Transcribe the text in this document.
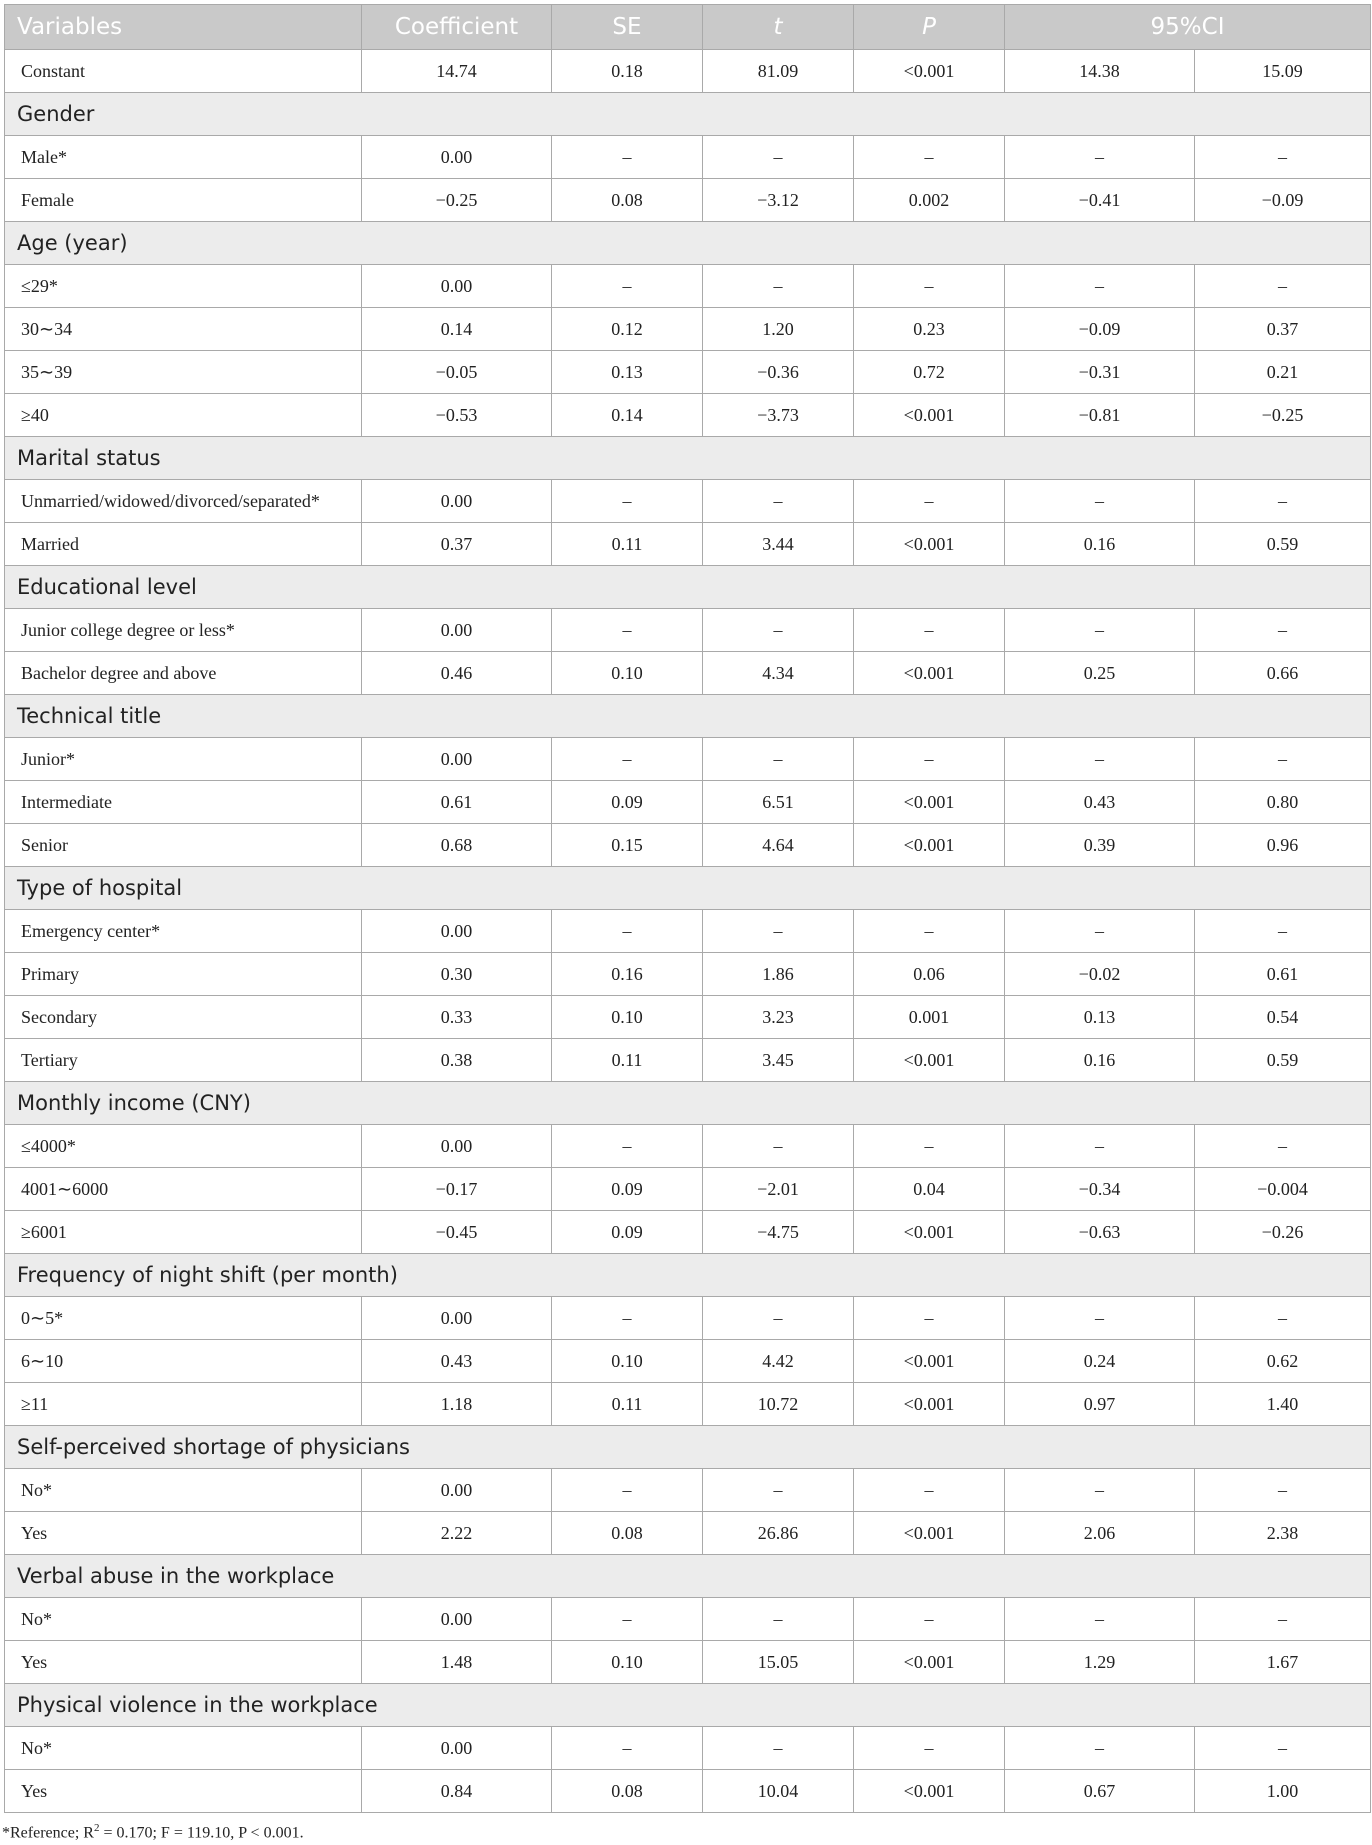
Variables	Coefficient	SE	t	P	95%CI	
Constant	14.74	0.18	81.09	<0.001	14.38	15.09
Gender						
Male*	0.00	–	–	–	–	–
Female	−0.25	0.08	−3.12	0.002	−0.41	−0.09
Age (year)						
≤29*	0.00	–	–	–	–	–
30∼34	0.14	0.12	1.20	0.23	−0.09	0.37
35∼39	−0.05	0.13	−0.36	0.72	−0.31	0.21
≥40	−0.53	0.14	−3.73	<0.001	−0.81	−0.25
Marital status						
Unmarried/widowed/divorced/separated*	0.00	–	–	–	–	–
Married	0.37	0.11	3.44	<0.001	0.16	0.59
Educational level						
Junior college degree or less*	0.00	–	–	–	–	–
Bachelor degree and above	0.46	0.10	4.34	<0.001	0.25	0.66
Technical title						
Junior*	0.00	–	–	–	–	–
Intermediate	0.61	0.09	6.51	<0.001	0.43	0.80
Senior	0.68	0.15	4.64	<0.001	0.39	0.96
Type of hospital						
Emergency center*	0.00	–	–	–	–	–
Primary	0.30	0.16	1.86	0.06	−0.02	0.61
Secondary	0.33	0.10	3.23	0.001	0.13	0.54
Tertiary	0.38	0.11	3.45	<0.001	0.16	0.59
Monthly income (CNY)						
≤4000*	0.00	–	–	–	–	–
4001∼6000	−0.17	0.09	−2.01	0.04	−0.34	−0.004
≥6001	−0.45	0.09	−4.75	<0.001	−0.63	−0.26
Frequency of night shift (per month)						
0∼5*	0.00	–	–	–	–	–
6∼10	0.43	0.10	4.42	<0.001	0.24	0.62
≥11	1.18	0.11	10.72	<0.001	0.97	1.40
Self-perceived shortage of physicians						
No*	0.00	–	–	–	–	–
Yes	2.22	0.08	26.86	<0.001	2.06	2.38
Verbal abuse in the workplace						
No*	0.00	–	–	–	–	–
Yes	1.48	0.10	15.05	<0.001	1.29	1.67
Physical violence in the workplace						
No*	0.00	–	–	–	–	–
Yes	0.84	0.08	10.04	<0.001	0.67	1.00
*Reference; $R^2 = 0.170$; F = 119.10, P < 0.001.
